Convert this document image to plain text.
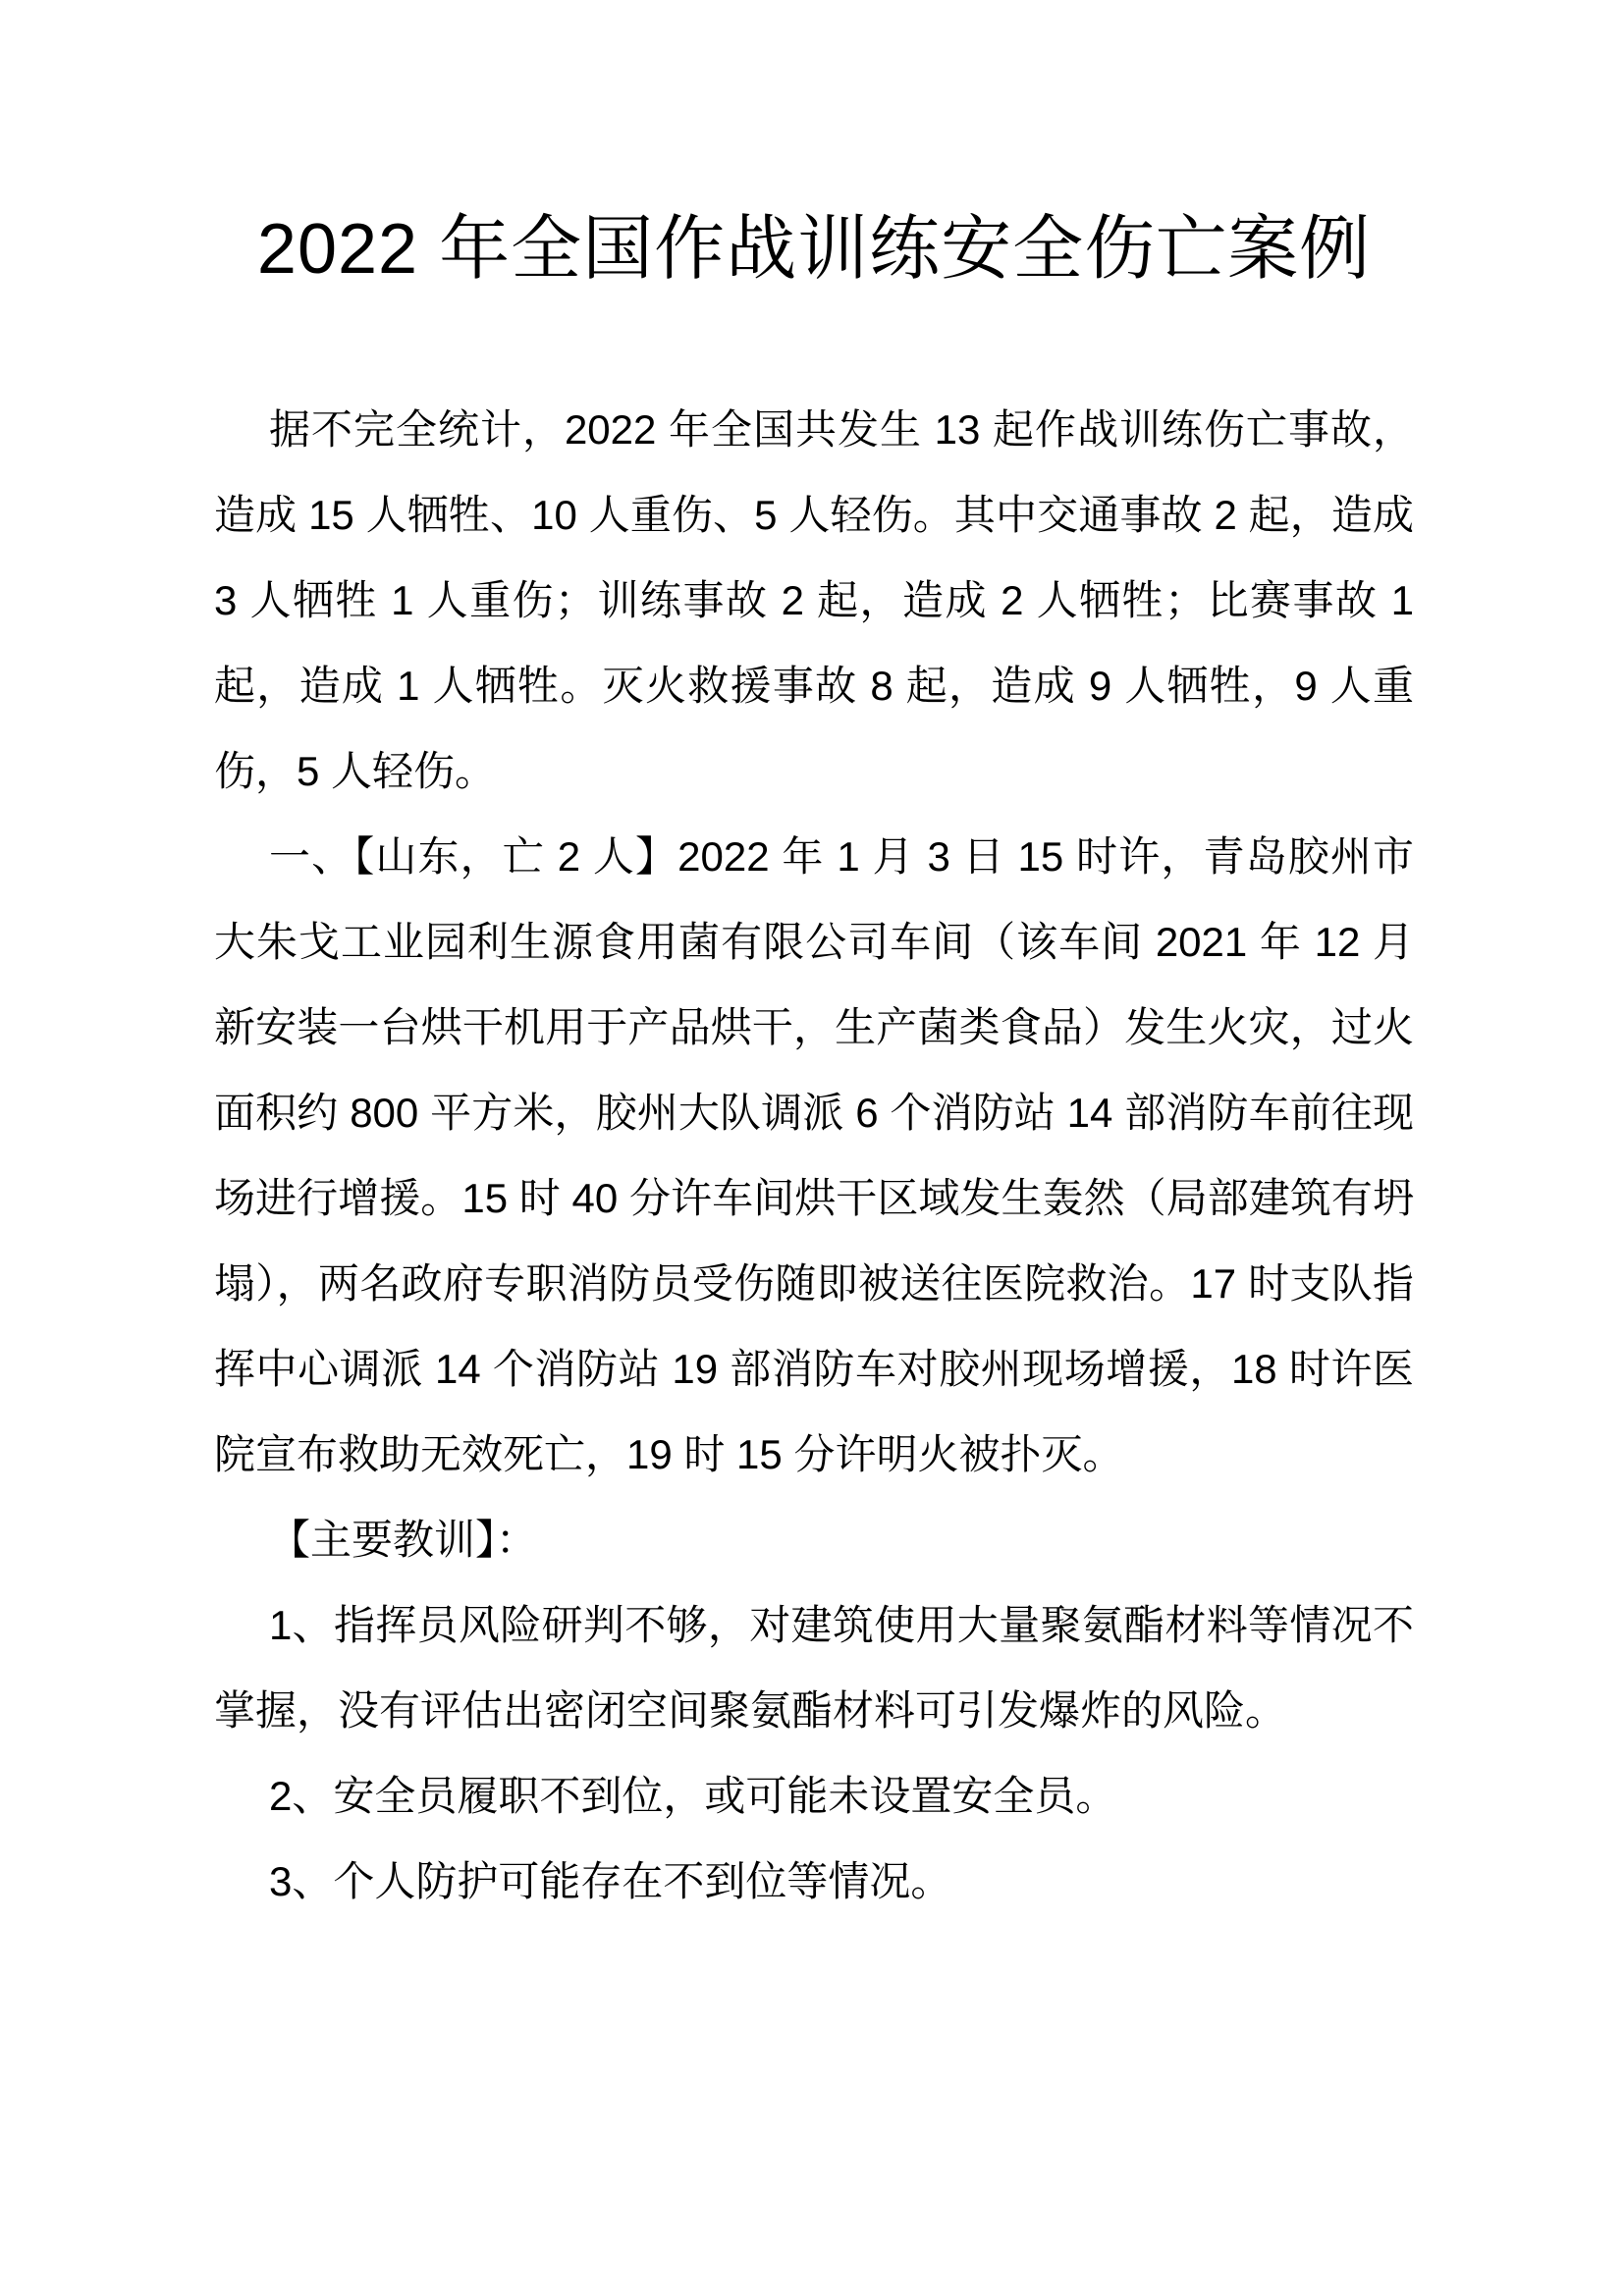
2022 年全国作战训练安全伤亡案例

据不完全统计，2022 年全国共发生 13 起作战训练伤亡事故，造成 15 人牺牲、10 人重伤、5 人轻伤。其中交通事故 2 起，造成 3 人牺牲 1 人重伤；训练事故 2 起，造成 2 人牺牲；比赛事故 1 起，造成 1 人牺牲。灭火救援事故 8 起，造成 9 人牺牲，9 人重伤，5 人轻伤。

一、【山东，亡 2 人】2022 年 1 月 3 日 15 时许，青岛胶州市大朱戈工业园利生源食用菌有限公司车间（该车间 2021 年 12 月新安装一台烘干机用于产品烘干，生产菌类食品）发生火灾，过火面积约 800 平方米，胶州大队调派 6 个消防站 14 部消防车前往现场进行增援。15 时 40 分许车间烘干区域发生轰然（局部建筑有坍塌），两名政府专职消防员受伤随即被送往医院救治。17 时支队指挥中心调派 14 个消防站 19 部消防车对胶州现场增援，18 时许医院宣布救助无效死亡，19 时 15 分许明火被扑灭。

【主要教训】：

1、指挥员风险研判不够，对建筑使用大量聚氨酯材料等情况不掌握，没有评估出密闭空间聚氨酯材料可引发爆炸的风险。

2、安全员履职不到位，或可能未设置安全员。

3、个人防护可能存在不到位等情况。
